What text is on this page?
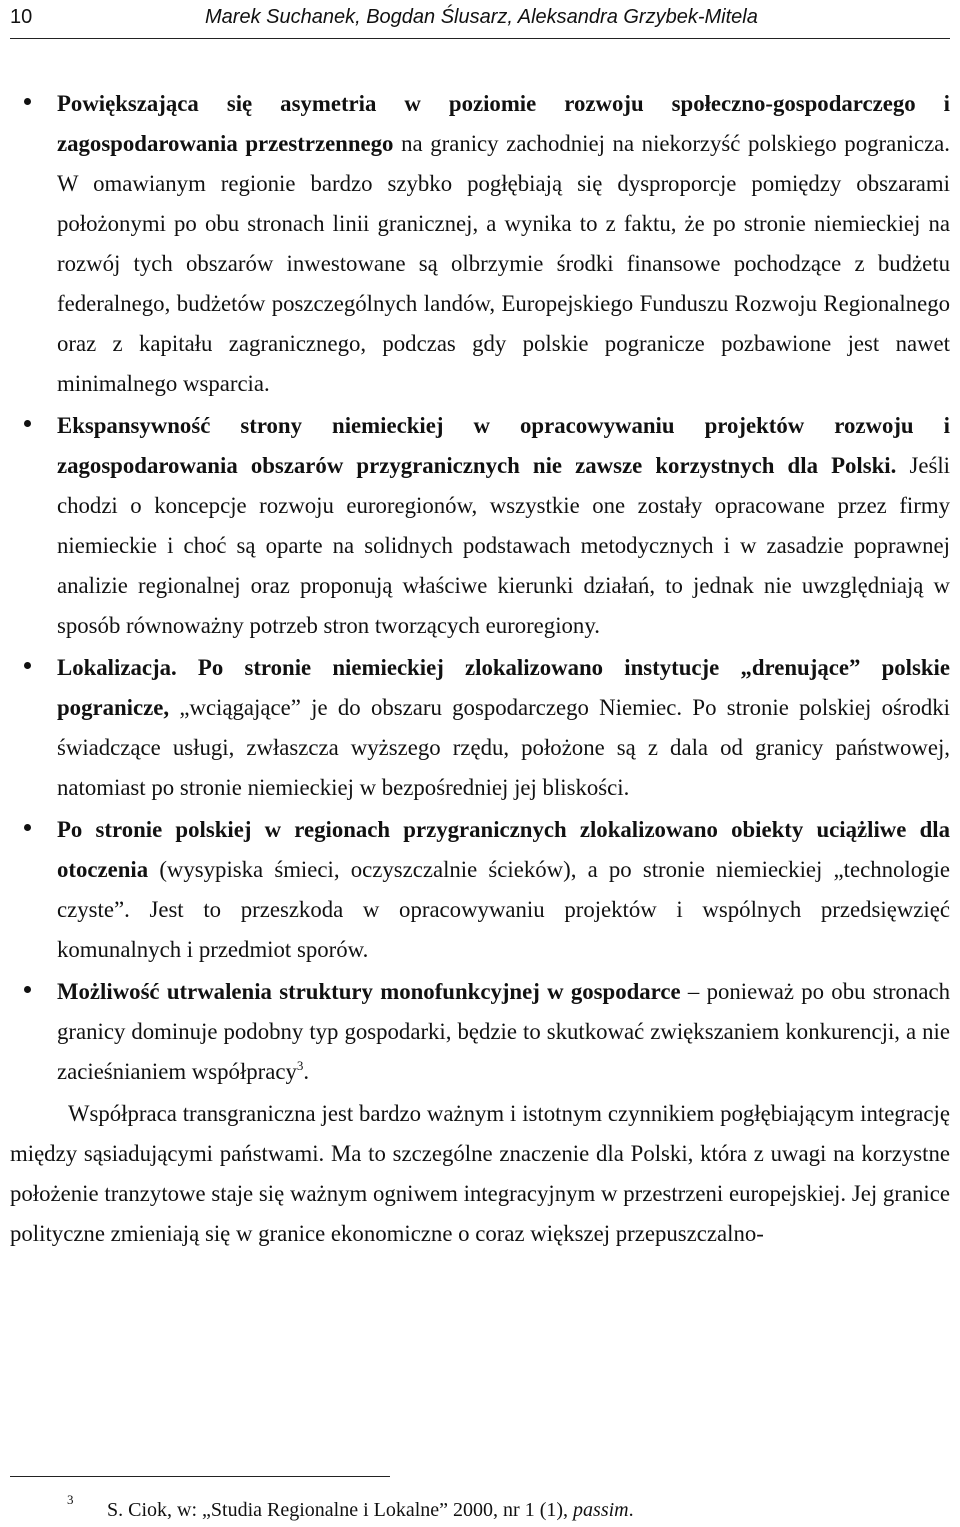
10	Marek Suchanek, Bogdan Ślusarz, Aleksandra Grzybek-Mitela
Powiększająca się asymetria w poziomie rozwoju społeczno-gospodarczego i zagospodarowania przestrzennego na granicy zachodniej na niekorzyść polskiego pogranicza. W omawianym regionie bardzo szybko pogłębiają się dysproporcje pomiędzy obszarami położonymi po obu stronach linii granicznej, a wynika to z faktu, że po stronie niemieckiej na rozwój tych obszarów inwestowane są olbrzymie środki finansowe pochodzące z budżetu federalnego, budżetów poszczególnych landów, Europejskiego Funduszu Rozwoju Regionalnego oraz z kapitału zagranicznego, podczas gdy polskie pogranicze pozbawione jest nawet minimalnego wsparcia.
Ekspansywność strony niemieckiej w opracowywaniu projektów rozwoju i zagospodarowania obszarów przygranicznych nie zawsze korzystnych dla Polski. Jeśli chodzi o koncepcje rozwoju euroregionów, wszystkie one zostały opracowane przez firmy niemieckie i choć są oparte na solidnych podstawach metodycznych i w zasadzie poprawnej analizie regionalnej oraz proponują właściwe kierunki działań, to jednak nie uwzględniają w sposób równoważny potrzeb stron tworzących euroregiony.
Lokalizacja. Po stronie niemieckiej zlokalizowano instytucje „drenujące” polskie pogranicze, „wciągające” je do obszaru gospodarczego Niemiec. Po stronie polskiej ośrodki świadczące usługi, zwłaszcza wyższego rzędu, położone są z dala od granicy państwowej, natomiast po stronie niemieckiej w bezpośredniej jej bliskości.
Po stronie polskiej w regionach przygranicznych zlokalizowano obiekty uciążliwe dla otoczenia (wysypiska śmieci, oczyszczalnie ścieków), a po stronie niemieckiej „technologie czyste”. Jest to przeszkoda w opracowywaniu projektów i wspólnych przedsięwzięć komunalnych i przedmiot sporów.
Możliwość utrwalenia struktury monofunkcyjnej w gospodarce – ponieważ po obu stronach granicy dominuje podobny typ gospodarki, będzie to skutkować zwiększaniem konkurencji, a nie zacieśnianiem współpracy$^3$.

Współpraca transgraniczna jest bardzo ważnym i istotnym czynnikiem pogłębiającym integrację między sąsiadującymi państwami. Ma to szczególne znaczenie dla Polski, która z uwagi na korzystne położenie tranzytowe staje się ważnym ogniwem integracyjnym w przestrzeni europejskiej. Jej granice polityczne zmieniają się w granice ekonomiczne o coraz większej przepuszczalno-

3 S. Ciok, w: „Studia Regionalne i Lokalne” 2000, nr 1 (1), passim.
